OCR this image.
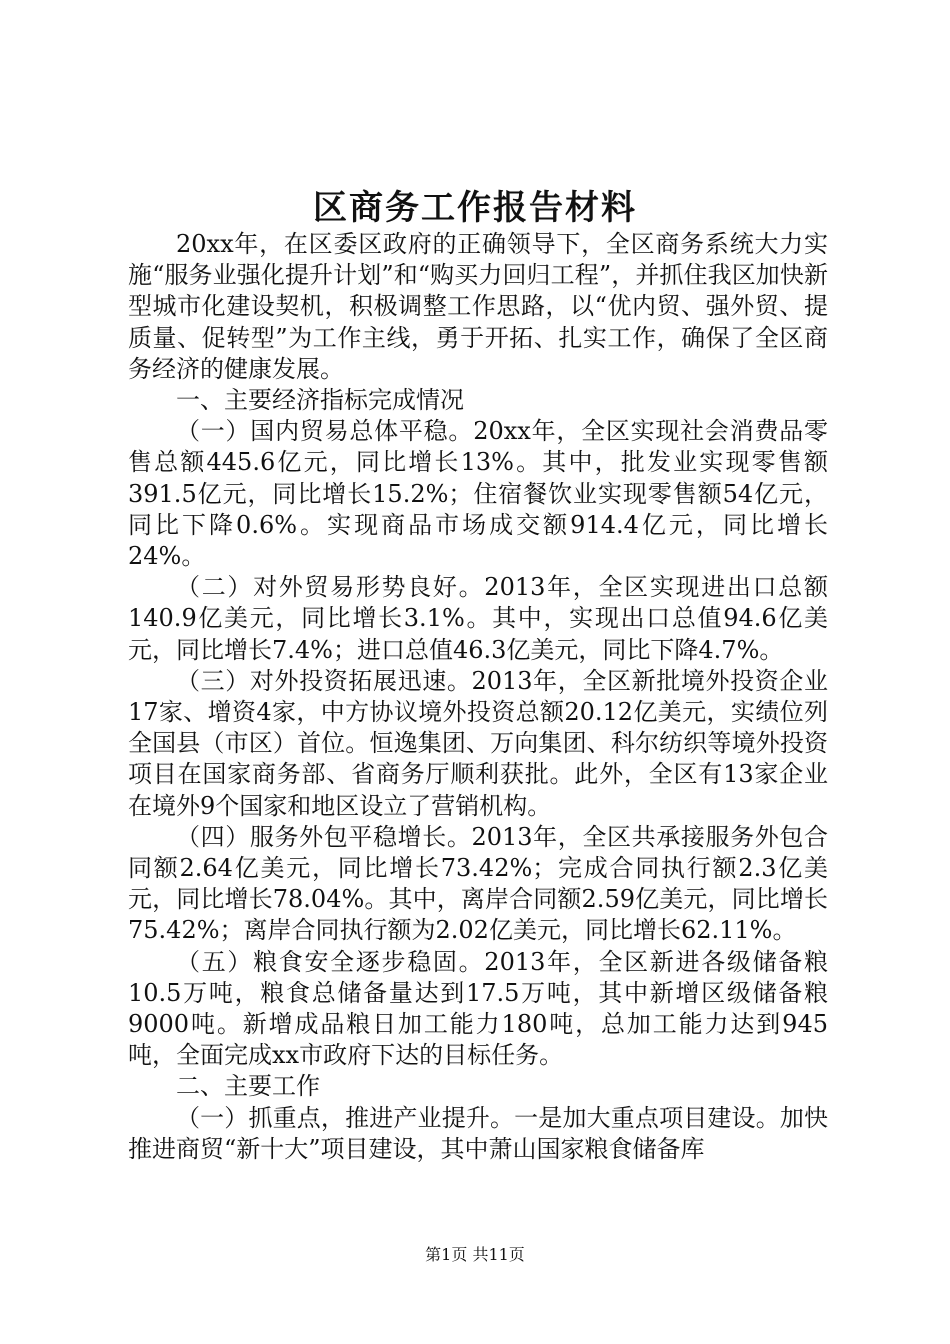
区商务工作报告材料

20xx年，在区委区政府的正确领导下，全区商务系统大力实施“服务业强化提升计划”和“购买力回归工程”，并抓住我区加快新型城市化建设契机，积极调整工作思路，以“优内贸、强外贸、提质量、促转型”为工作主线，勇于开拓、扎实工作，确保了全区商务经济的健康发展。

一、主要经济指标完成情况

（一）国内贸易总体平稳。20xx年，全区实现社会消费品零售总额445.6亿元，同比增长13%。其中，批发业实现零售额391.5亿元，同比增长15.2%；住宿餐饮业实现零售额54亿元，同比下降0.6%。实现商品市场成交额914.4亿元，同比增长24%。

（二）对外贸易形势良好。2013年，全区实现进出口总额140.9亿美元，同比增长3.1%。其中，实现出口总值94.6亿美元，同比增长7.4%；进口总值46.3亿美元，同比下降4.7%。

（三）对外投资拓展迅速。2013年，全区新批境外投资企业17家、增资4家，中方协议境外投资总额20.12亿美元，实绩位列全国县（市区）首位。恒逸集团、万向集团、科尔纺织等境外投资项目在国家商务部、省商务厅顺利获批。此外，全区有13家企业在境外9个国家和地区设立了营销机构。

（四）服务外包平稳增长。2013年，全区共承接服务外包合同额2.64亿美元，同比增长73.42%；完成合同执行额2.3亿美元，同比增长78.04%。其中，离岸合同额2.59亿美元，同比增长75.42%；离岸合同执行额为2.02亿美元，同比增长62.11%。

（五）粮食安全逐步稳固。2013年，全区新进各级储备粮10.5万吨，粮食总储备量达到17.5万吨，其中新增区级储备粮9000吨。新增成品粮日加工能力180吨，总加工能力达到945吨，全面完成xx市政府下达的目标任务。

二、主要工作

（一）抓重点，推进产业提升。一是加大重点项目建设。加快推进商贸“新十大”项目建设，其中萧山国家粮食储备库

第1页 共11页
